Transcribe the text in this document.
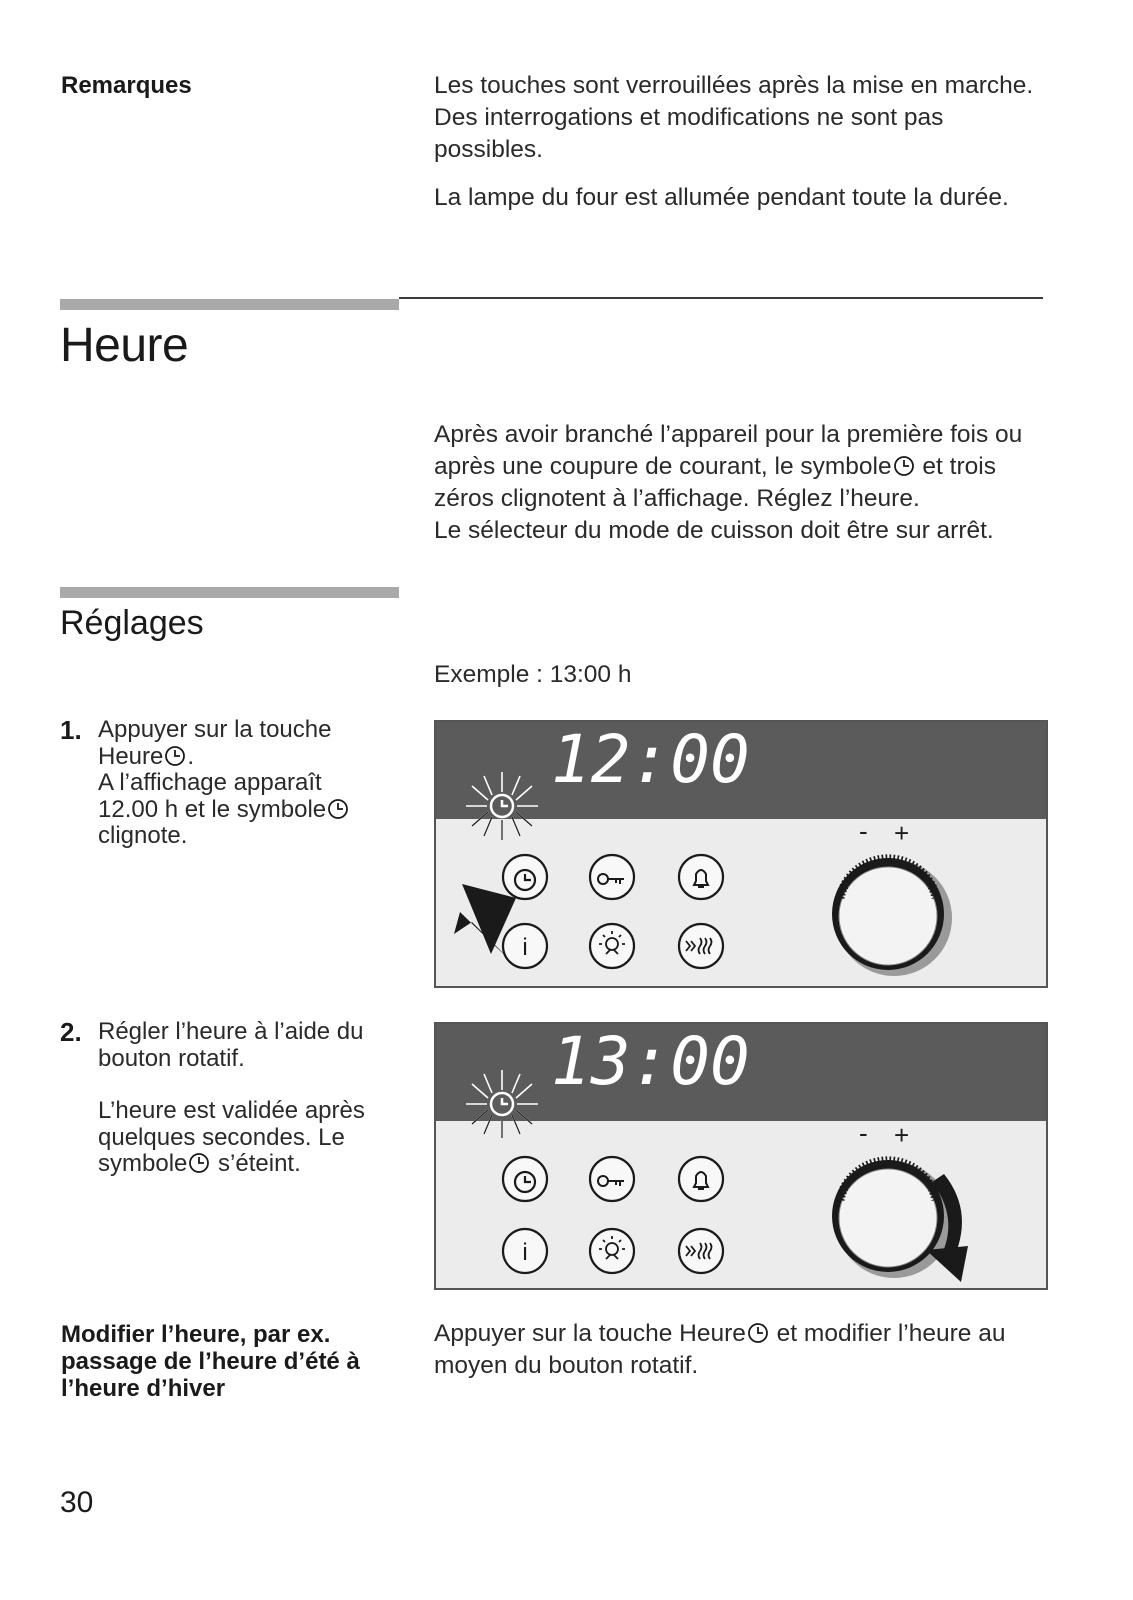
Remarques	Les touches sont verrouillées après la mise en marche. Des interrogations et modifications ne sont pas possibles.

La lampe du four est allumée pendant toute la durée.

Heure

Après avoir branché l’appareil pour la première fois ou

après une coupure de courant, le symbole et trois

zéros clignotent à l’affichage. Réglez l’heure.

Le sélecteur du mode de cuisson doit être sur arrêt.

Réglages
Exemple : 13:00 h
1. Appuyer sur la touche
Heure .
A l’affichage apparaît
12.00 h et le symbole
clignote.
2. Régler l’heure à l’aide du
bouton rotatif.
L’heure est validée après
quelques secondes. Le
symbole s’éteint.
12:00
- +
i
13:00
- +
i
Modifier l’heure, par ex.
passage de l’heure d’été à
l’heure d’hiver

Appuyer sur la touche Heure et modifier l’heure au

moyen du bouton rotatif.

30
